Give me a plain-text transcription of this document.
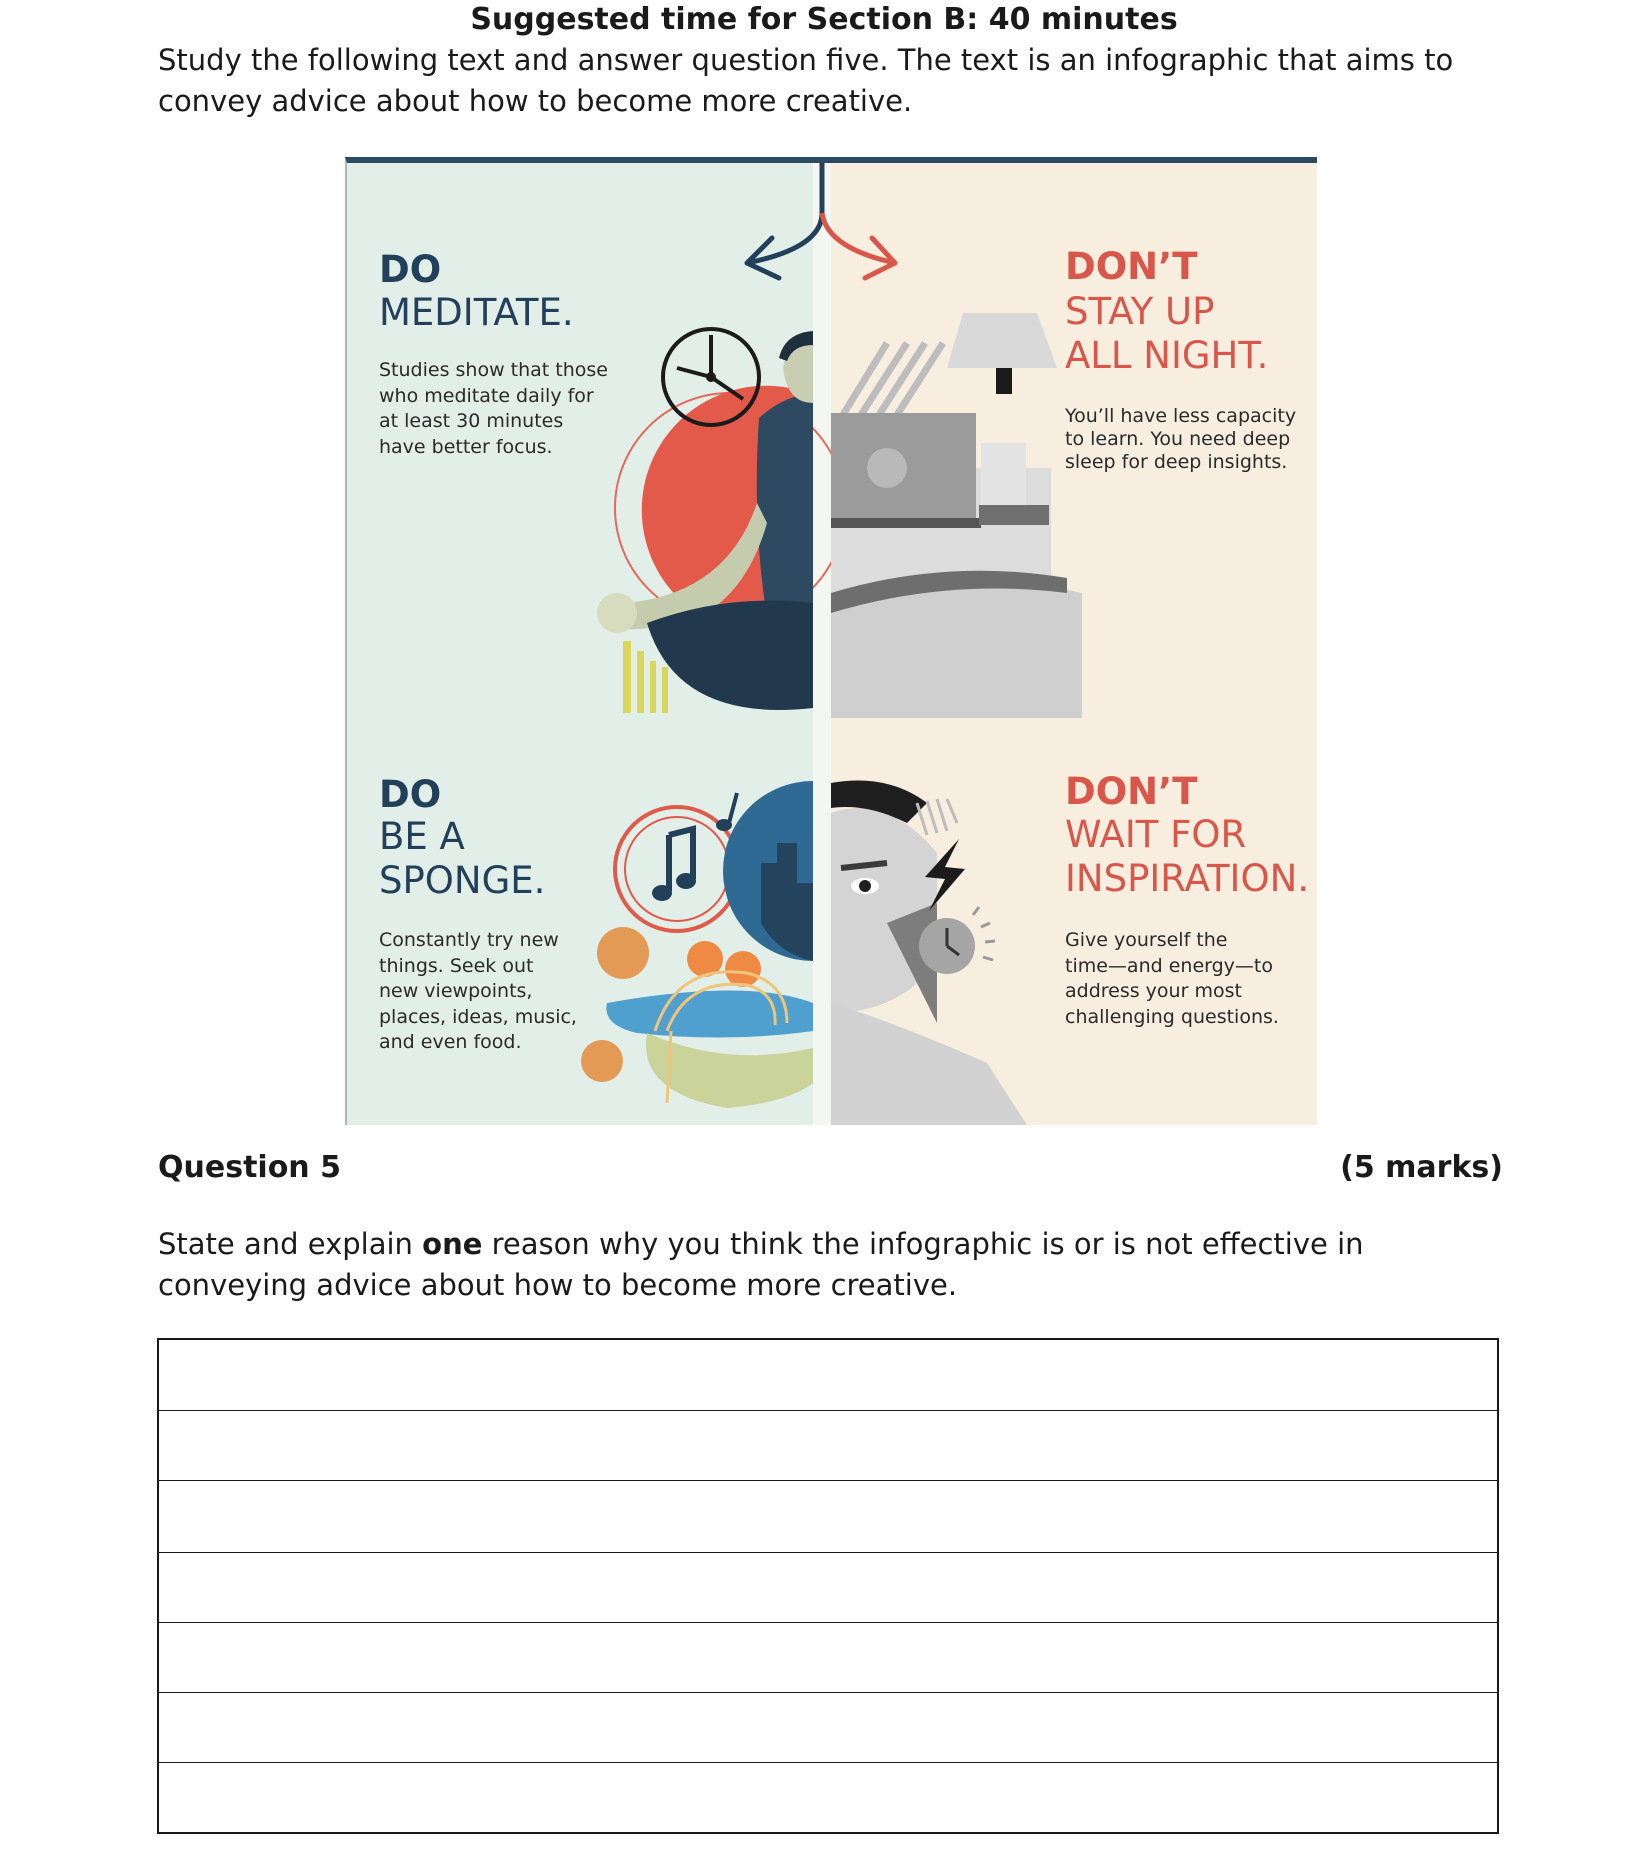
Suggested time for Section B: 40 minutes
Study the following text and answer question five. The text is an infographic that aims to convey advice about how to become more creative.
DO
MEDITATE.
Studies show that those
who meditate daily for
at least 30 minutes
have better focus.
DON’T
STAY UP
ALL NIGHT.
You’ll have less capacity
to learn. You need deep
sleep for deep insights.
DO
BE A
SPONGE.
Constantly try new
things. Seek out
new viewpoints,
places, ideas, music,
and even food.
DON’T
WAIT FOR
INSPIRATION.
Give yourself the
time—and energy—to
address your most
challenging questions.
Question 5	(5 marks)
State and explain one reason why you think the infographic is or is not effective in conveying advice about how to become more creative.
